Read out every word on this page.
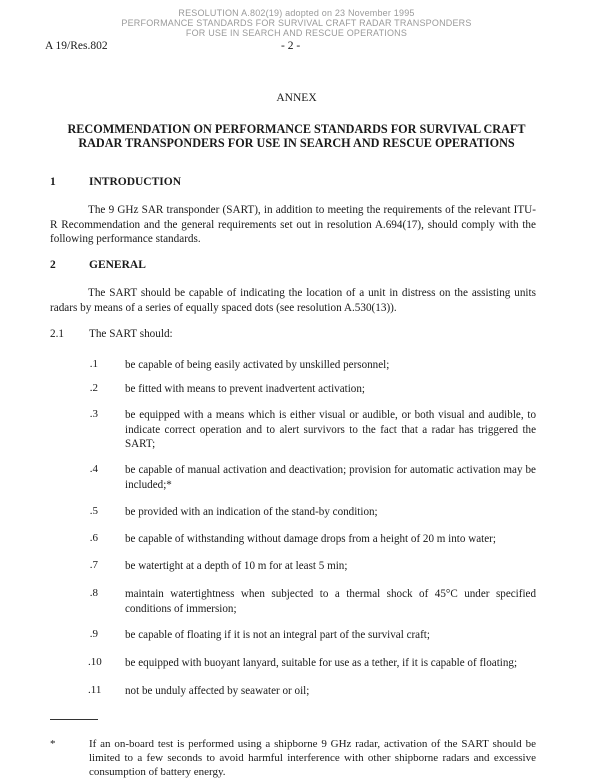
RESOLUTION A.802(19) adopted on 23 November 1995
PERFORMANCE STANDARDS FOR SURVIVAL CRAFT RADAR TRANSPONDERS
FOR USE IN SEARCH AND RESCUE OPERATIONS
A 19/Res.802	- 2 -
ANNEX
RECOMMENDATION ON PERFORMANCE STANDARDS FOR SURVIVAL CRAFT
RADAR TRANSPONDERS FOR USE IN SEARCH AND RESCUE OPERATIONS
1	INTRODUCTION
The 9 GHz SAR transponder (SART), in addition to meeting the requirements of the relevant ITU-R Recommendation and the general requirements set out in resolution A.694(17), should comply with the following performance standards.
2	GENERAL
The SART should be capable of indicating the location of a unit in distress on the assisting units radars by means of a series of equally spaced dots (see resolution A.530(13)).
2.1 The SART should:
.1 be capable of being easily activated by unskilled personnel;
.2 be fitted with means to prevent inadvertent activation;
.3 be equipped with a means which is either visual or audible, or both visual and audible, to indicate correct operation and to alert survivors to the fact that a radar has triggered the SART;
.4 be capable of manual activation and deactivation; provision for automatic activation may be included;*
.5 be provided with an indication of the stand-by condition;
.6 be capable of withstanding without damage drops from a height of 20 m into water;
.7 be watertight at a depth of 10 m for at least 5 min;
.8 maintain watertightness when subjected to a thermal shock of 45°C under specified conditions of immersion;
.9 be capable of floating if it is not an integral part of the survival craft;
.10 be equipped with buoyant lanyard, suitable for use as a tether, if it is capable of floating;
.11 not be unduly affected by seawater or oil;
*	If an on-board test is performed using a shipborne 9 GHz radar, activation of the SART should be limited to a few seconds to avoid harmful interference with other shipborne radars and excessive consumption of battery energy.
